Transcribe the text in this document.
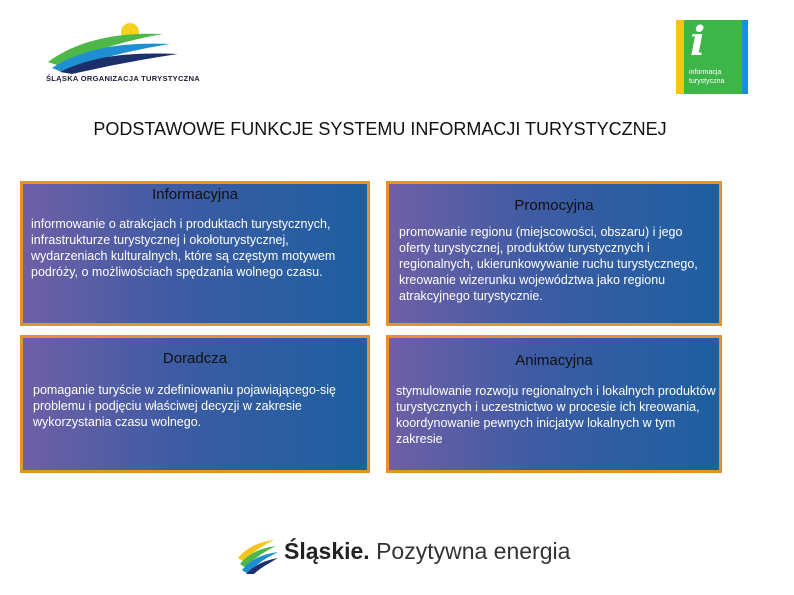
ŚLĄSKA ORGANIZACJA TURYSTYCZNA
i
informacja turystyczna
PODSTAWOWE FUNKCJE SYSTEMU INFORMACJI TURYSTYCZNEJ
Informacyjna
informowanie o atrakcjach i produktach turystycznych, infrastrukturze turystycznej i okołoturystycznej, wydarzeniach kulturalnych, które są częstym motywem podróży, o możliwościach spędzania wolnego czasu.
Promocyjna
promowanie regionu (miejscowości, obszaru) i jego oferty turystycznej, produktów turystycznych i regionalnych, ukierunkowywanie ruchu turystycznego, kreowanie wizerunku województwa jako regionu atrakcyjnego turystycznie.
Doradcza
pomaganie turyście w zdefiniowaniu pojawiającego-się problemu i podjęciu właściwej decyzji w zakresie wykorzystania czasu wolnego.
Animacyjna
stymulowanie rozwoju regionalnych i lokalnych produktów turystycznych i uczestnictwo w procesie ich kreowania, koordynowanie pewnych inicjatyw lokalnych w tym zakresie
Śląskie. Pozytywna energia
